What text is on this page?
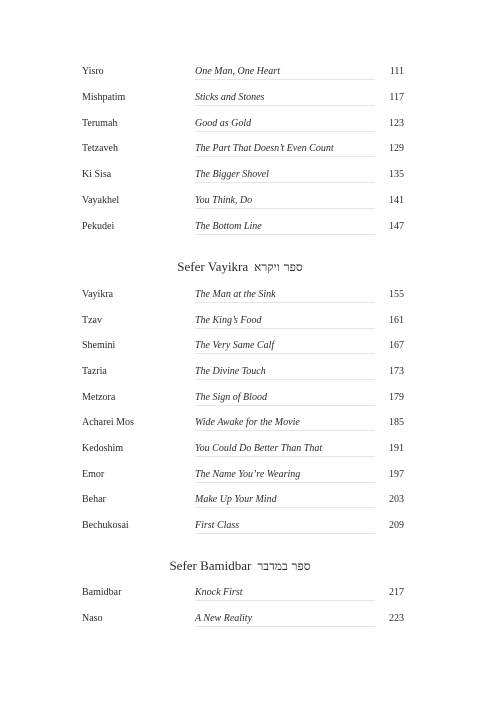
Yisro	One Man, One Heart	111
Mishpatim	Sticks and Stones	117
Terumah	Good as Gold	123
Tetzaveh	The Part That Doesn’t Even Count	129
Ki Sisa	The Bigger Shovel	135
Vayakhel	You Think, Do	141
Pekudei	The Bottom Line	147
Sefer Vayikra ספר ויקרא
Vayikra	The Man at the Sink	155
Tzav	The King’s Food	161
Shemini	The Very Same Calf	167
Tazria	The Divine Touch	173
Metzora	The Sign of Blood	179
Acharei Mos	Wide Awake for the Movie	185
Kedoshim	You Could Do Better Than That	191
Emor	The Name You’re Wearing	197
Behar	Make Up Your Mind	203
Bechukosai	First Class	209
Sefer Bamidbar ספר במדבר
Bamidbar	Knock First	217
Naso	A New Reality	223
